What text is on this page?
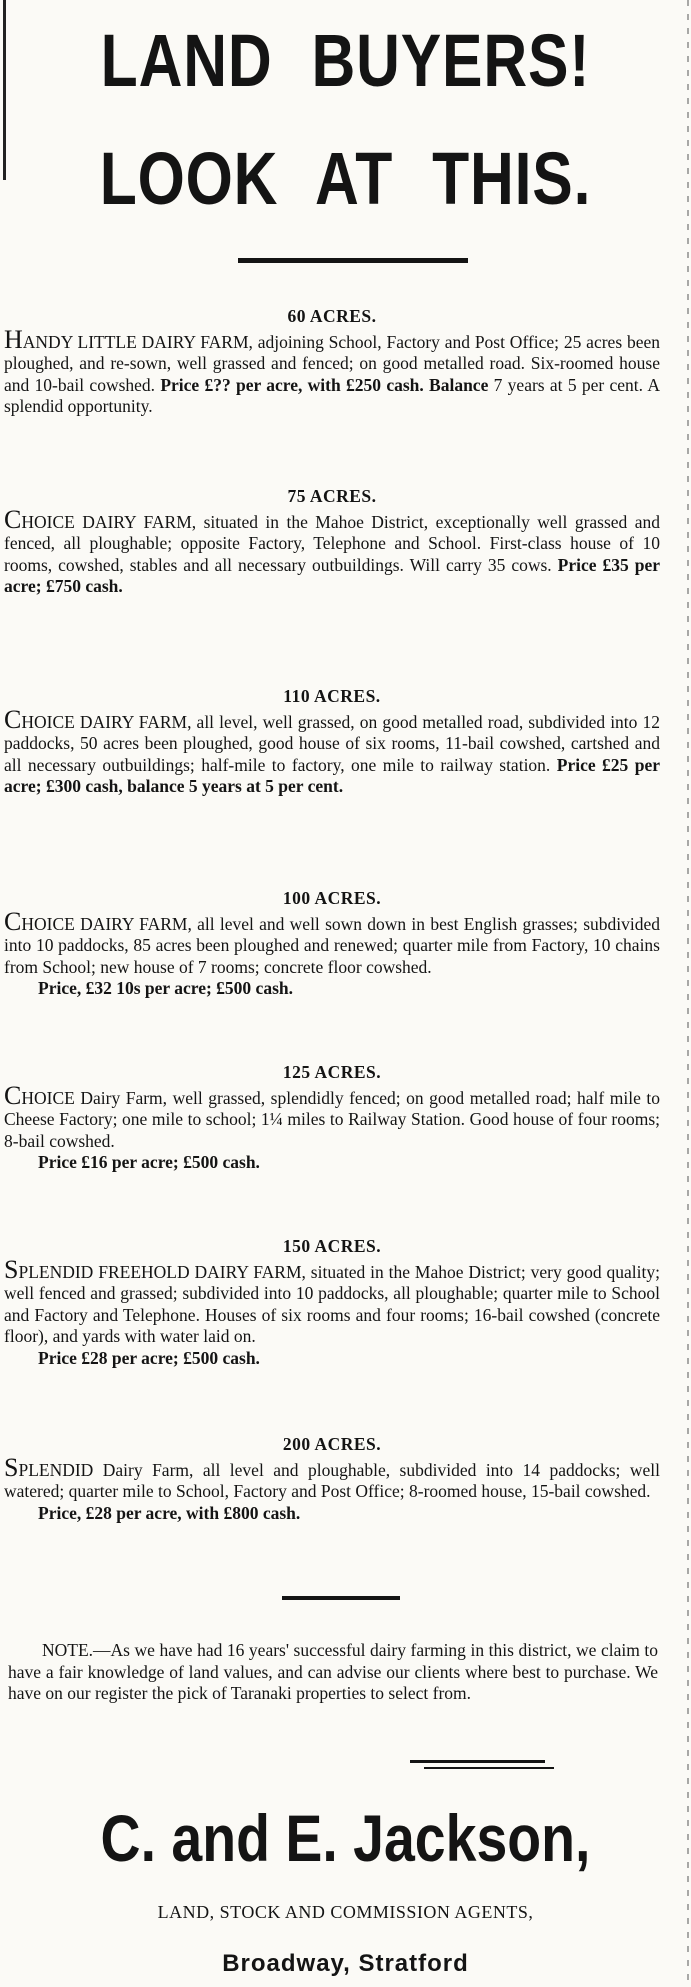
LAND BUYERS!
LOOK AT THIS.

60 ACRES.

HANDY LITTLE DAIRY FARM, adjoining School, Factory and Post Office; 25 acres been ploughed, and re-sown, well grassed and fenced; on good metalled road. Six-roomed house and 10-bail cowshed. Price £?? per acre, with £250 cash. Balance 7 years at 5 per cent. A splendid opportunity.

75 ACRES.

CHOICE DAIRY FARM, situated in the Mahoe District, exceptionally well grassed and fenced, all ploughable; opposite Factory, Telephone and School. First-class house of 10 rooms, cowshed, stables and all necessary outbuildings. Will carry 35 cows. Price £35 per acre; £750 cash.

110 ACRES.

CHOICE DAIRY FARM, all level, well grassed, on good metalled road, subdivided into 12 paddocks, 50 acres been ploughed, good house of six rooms, 11-bail cowshed, cartshed and all necessary outbuildings; half-mile to factory, one mile to railway station. Price £25 per acre; £300 cash, balance 5 years at 5 per cent.

100 ACRES.

CHOICE DAIRY FARM, all level and well sown down in best English grasses; subdivided into 10 paddocks, 85 acres been ploughed and renewed; quarter mile from Factory, 10 chains from School; new house of 7 rooms; concrete floor cowshed.

Price, £32 10s per acre; £500 cash.

125 ACRES.

CHOICE Dairy Farm, well grassed, splendidly fenced; on good metalled road; half mile to Cheese Factory; one mile to school; 1¼ miles to Railway Station. Good house of four rooms; 8-bail cowshed.

Price £16 per acre; £500 cash.

150 ACRES.

SPLENDID FREEHOLD DAIRY FARM, situated in the Mahoe District; very good quality; well fenced and grassed; subdivided into 10 paddocks, all ploughable; quarter mile to School and Factory and Telephone. Houses of six rooms and four rooms; 16-bail cowshed (concrete floor), and yards with water laid on.

Price £28 per acre; £500 cash.

200 ACRES.

SPLENDID Dairy Farm, all level and ploughable, subdivided into 14 paddocks; well watered; quarter mile to School, Factory and Post Office; 8-roomed house, 15-bail cowshed.

Price, £28 per acre, with £800 cash.

NOTE.—As we have had 16 years' successful dairy farming in this district, we claim to have a fair knowledge of land values, and can advise our clients where best to purchase. We have on our register the pick of Taranaki properties to select from.

C. and E. Jackson,

LAND, STOCK AND COMMISSION AGENTS,

Broadway, Stratford
